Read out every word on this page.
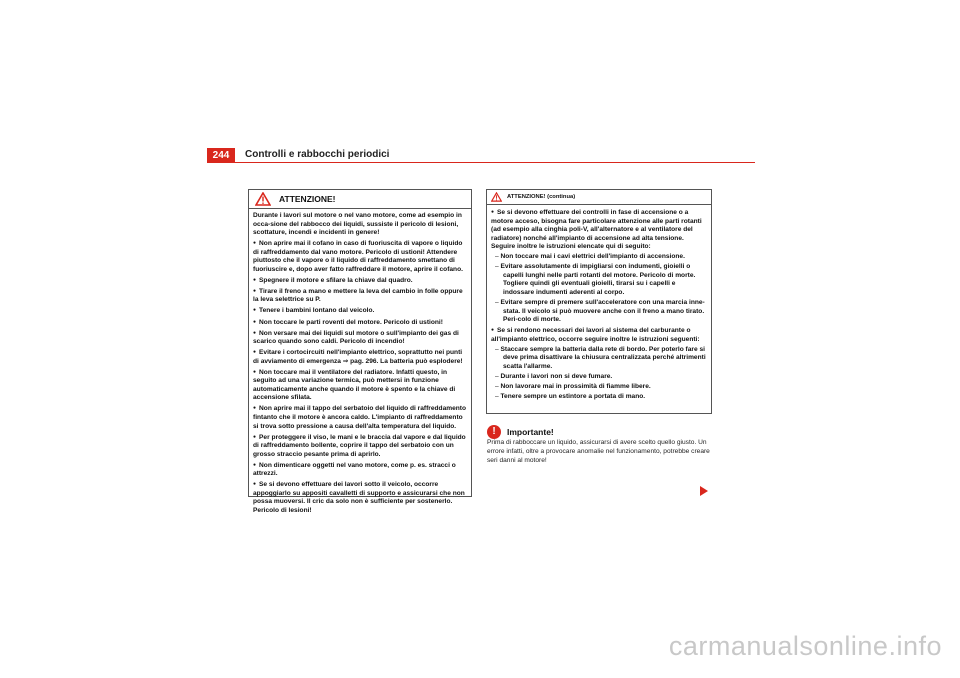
244	Controlli e rabbocchi periodici
ATTENZIONE!

Durante i lavori sul motore o nel vano motore, come ad esempio in occa-sione del rabbocco dei liquidi, sussiste il pericolo di lesioni, scottature, incendi e incidenti in genere!

● Non aprire mai il cofano in caso di fuoriuscita di vapore o liquido di raffreddamento dal vano motore. Pericolo di ustioni! Attendere piuttosto che il vapore o il liquido di raffreddamento smettano di fuoriuscire e, dopo aver fatto raffreddare il motore, aprire il cofano.

● Spegnere il motore e sfilare la chiave dal quadro.

● Tirare il freno a mano e mettere la leva del cambio in folle oppure la leva selettrice su P.

● Tenere i bambini lontano dal veicolo.

● Non toccare le parti roventi del motore. Pericolo di ustioni!

● Non versare mai dei liquidi sul motore o sull'impianto dei gas di scarico quando sono caldi. Pericolo di incendio!

● Evitare i cortocircuiti nell'impianto elettrico, soprattutto nei punti di avviamento di emergenza ⇒ pag. 296. La batteria può esplodere!

● Non toccare mai il ventilatore del radiatore. Infatti questo, in seguito ad una variazione termica, può mettersi in funzione automaticamente anche quando il motore è spento e la chiave di accensione sfilata.

● Non aprire mai il tappo del serbatoio del liquido di raffreddamento fintanto che il motore è ancora caldo. L'impianto di raffreddamento si trova sotto pressione a causa dell'alta temperatura del liquido.

● Per proteggere il viso, le mani e le braccia dal vapore e dal liquido di raffreddamento bollente, coprire il tappo del serbatoio con un grosso straccio pesante prima di aprirlo.

● Non dimenticare oggetti nel vano motore, come p. es. stracci o attrezzi.

● Se si devono effettuare dei lavori sotto il veicolo, occorre appoggiarlo su appositi cavalletti di supporto e assicurarsi che non possa muoversi. Il cric da solo non è sufficiente per sostenerlo. Pericolo di lesioni!

ATTENZIONE! (continua)

● Se si devono effettuare dei controlli in fase di accensione o a motore acceso, bisogna fare particolare attenzione alle parti rotanti (ad esempio alla cinghia poli-V, all'alternatore e al ventilatore del radiatore) nonché all'impianto di accensione ad alta tensione. Seguire inoltre le istruzioni elencate qui di seguito:

– Non toccare mai i cavi elettrici dell'impianto di accensione.

– Evitare assolutamente di impigliarsi con indumenti, gioielli o capelli lunghi nelle parti rotanti del motore. Pericolo di morte. Togliere quindi gli eventuali gioielli, tirarsi su i capelli e indossare indumenti aderenti al corpo.

– Evitare sempre di premere sull'acceleratore con una marcia inne-stata. Il veicolo si può muovere anche con il freno a mano tirato. Peri-colo di morte.

● Se si rendono necessari dei lavori al sistema del carburante o all'impianto elettrico, occorre seguire inoltre le istruzioni seguenti:

– Staccare sempre la batteria dalla rete di bordo. Per poterlo fare si deve prima disattivare la chiusura centralizzata perché altrimenti scatta l'allarme.

– Durante i lavori non si deve fumare.

– Non lavorare mai in prossimità di fiamme libere.

– Tenere sempre un estintore a portata di mano.

!	Importante!

Prima di rabboccare un liquido, assicurarsi di avere scelto quello giusto. Un errore infatti, oltre a provocare anomalie nel funzionamento, potrebbe creare seri danni al motore!

carmanualsonline.info
